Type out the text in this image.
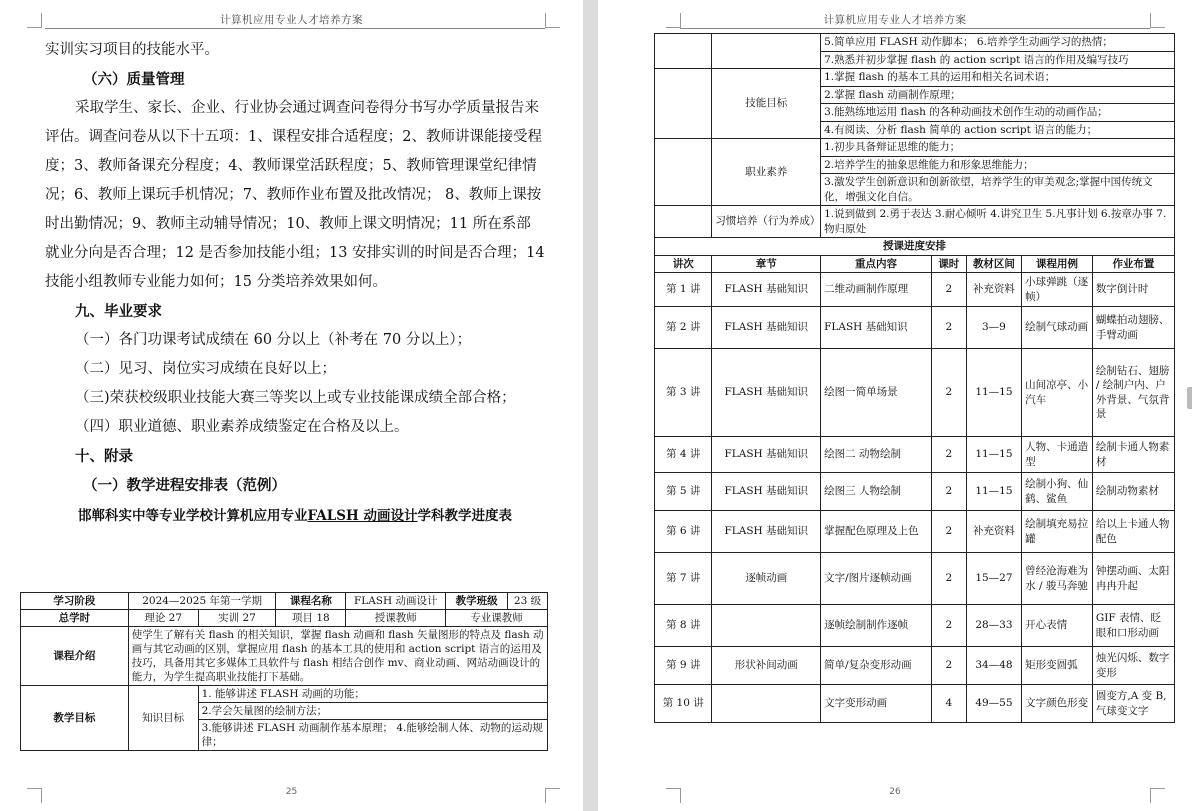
计算机应用专业人才培养方案

实训实习项目的技能水平。

（六）质量管理

采取学生、家长、企业、行业协会通过调查问卷得分书写办学质量报告来评估。调查问卷从以下十五项：1、课程安排合适程度；2、教师讲课能接受程度；3、教师备课充分程度；4、教师课堂活跃程度；5、教师管理课堂纪律情况；6、教师上课玩手机情况；7、教师作业布置及批改情况； 8、教师上课按时出勤情况；9、教师主动辅导情况；10、教师上课文明情况；11 所在系部就业分向是否合理；12 是否参加技能小组；13 安排实训的时间是否合理；14 技能小组教师专业能力如何；15 分类培养效果如何。

九、毕业要求

（一）各门功课考试成绩在 60 分以上（补考在 70 分以上）；

（二）见习、岗位实习成绩在良好以上；

（三)荣获校级职业技能大赛三等奖以上或专业技能课成绩全部合格；

（四）职业道德、职业素养成绩鉴定在合格及以上。

十、附录

（一）教学进程安排表（范例）

邯郸科实中等专业学校计算机应用专业FALSH 动画设计学科教学进度表
学习阶段	2024—2025 年第一学期		课程名称	FLASH 动画设计	教学班级	23 级
总学时	理论 27	实训 27	项目 18	授课教师	专业课教师	
课程介绍	使学生了解有关 flash 的相关知识，掌握 flash 动画和 flash 矢量图形的特点及 flash 动画与其它动画的区别，掌握应用 flash 的基本工具的使用和 action script 语言的运用及技巧，具备用其它多媒体工具软件与 flash 相结合创作 mv、商业动画、网站动画设计的能力，为学生提高职业技能打下基础。					
教学目标	知识目标	1. 能够讲述 FLASH 动画的功能；
2.学会矢量图的绘制方法；
3.能够讲述 FLASH 动画制作基本原理； 4.能够绘制人体、动物的运动规律；				
25
计算机应用专业人才培养方案
		5.简单应用 FLASH 动作脚本； 6.培养学生动画学习的热情；				
		7.熟悉并初步掌握 flash 的 action script 语言的作用及编写技巧				
	技能目标	1.掌握 flash 的基本工具的运用和相关名词术语；				
		2.掌握 flash 动画制作原理；				
		3.能熟练地运用 flash 的各种动画技术创作生动的动画作品；				
		4.有阅读、分析 flash 简单的 action script 语言的能力；				
	职业素养	1.初步具备辩证思维的能力；				
		2.培养学生的抽象思维能力和形象思维能力；				
		3.激发学生创新意识和创新欲望，培养学生的审美观念;掌握中国传统文化，增强文化自信。				
	习惯培养（行为养成）	1.说到做到 2.勇于表达 3.耐心倾听 4.讲究卫生 5.凡事计划 6.按章办事 7.物归原处				
授课进度安排						
讲次	章节	重点内容	课时	教材区间	课程用例	作业布置
第 1 讲	FLASH 基础知识	二维动画制作原理	2	补充资料	小球弹跳（逐帧）	数字倒计时
第 2 讲	FLASH 基础知识	FLASH 基础知识	2	3—9	绘制气球动画	蝴蝶拍动翅膀、手臂动画
第 3 讲	FLASH 基础知识	绘图一简单场景	2	11—15	山间凉亭、小汽车	绘制钻石、翅膀 / 绘制户内、户外背景、气氛背景
第 4 讲	FLASH 基础知识	绘图二 动物绘制	2	11—15	人物、卡通造型	绘制卡通人物素材
第 5 讲	FLASH 基础知识	绘图三 人物绘制	2	11—15	绘制小狗、仙鹤、鲨鱼	绘制动物素材
第 6 讲	FLASH 基础知识	掌握配色原理及上色	2	补充资料	绘制填充易拉罐	给以上卡通人物配色
第 7 讲	逐帧动画	文字/图片逐帧动画	2	15—27	曾经沧海难为水 / 骏马奔驰	钟摆动画、太阳冉冉升起
第 8 讲		逐帧绘制制作逐帧	2	28—33	开心表情	GIF 表情、眨眼和口形动画
第 9 讲	形状补间动画	简单/复杂变形动画	2	34—48	矩形变圆弧	烛光闪烁、数字变形
第 10 讲		文字变形动画	4	49—55	文字颜色形变	圆变方,A 变 B,气球变文字
26
